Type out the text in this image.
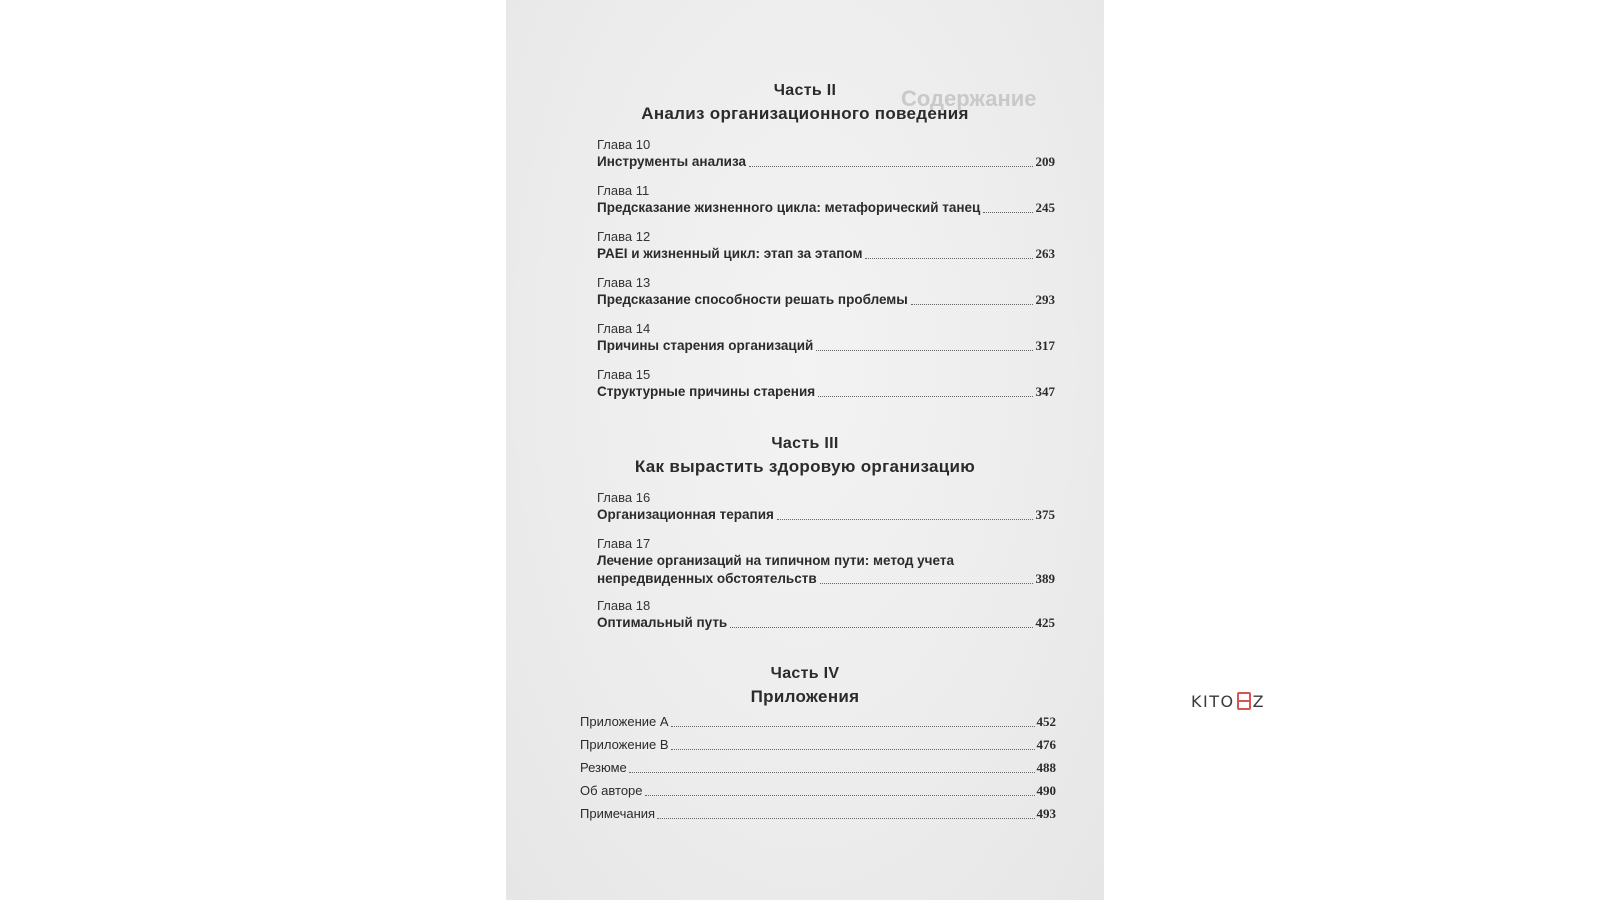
Содержание
Часть II
Анализ организационного поведения
Глава 10
Инструменты анализа	209
Глава 11
Предсказание жизненного цикла: метафорический танец	245
Глава 12
PAEI и жизненный цикл: этап за этапом	263
Глава 13
Предсказание способности решать проблемы	293
Глава 14
Причины старения организаций	317
Глава 15
Структурные причины старения	347
Часть III
Как вырастить здоровую организацию
Глава 16
Организационная терапия	375
Глава 17
Лечение организаций на типичном пути: метод учета
непредвиденных обстоятельств	389
Глава 18
Оптимальный путь	425
Часть IV
Приложения
Приложение А	452
Приложение B	476
Резюме	488
Об авторе	490
Примечания	493
KITO Z
